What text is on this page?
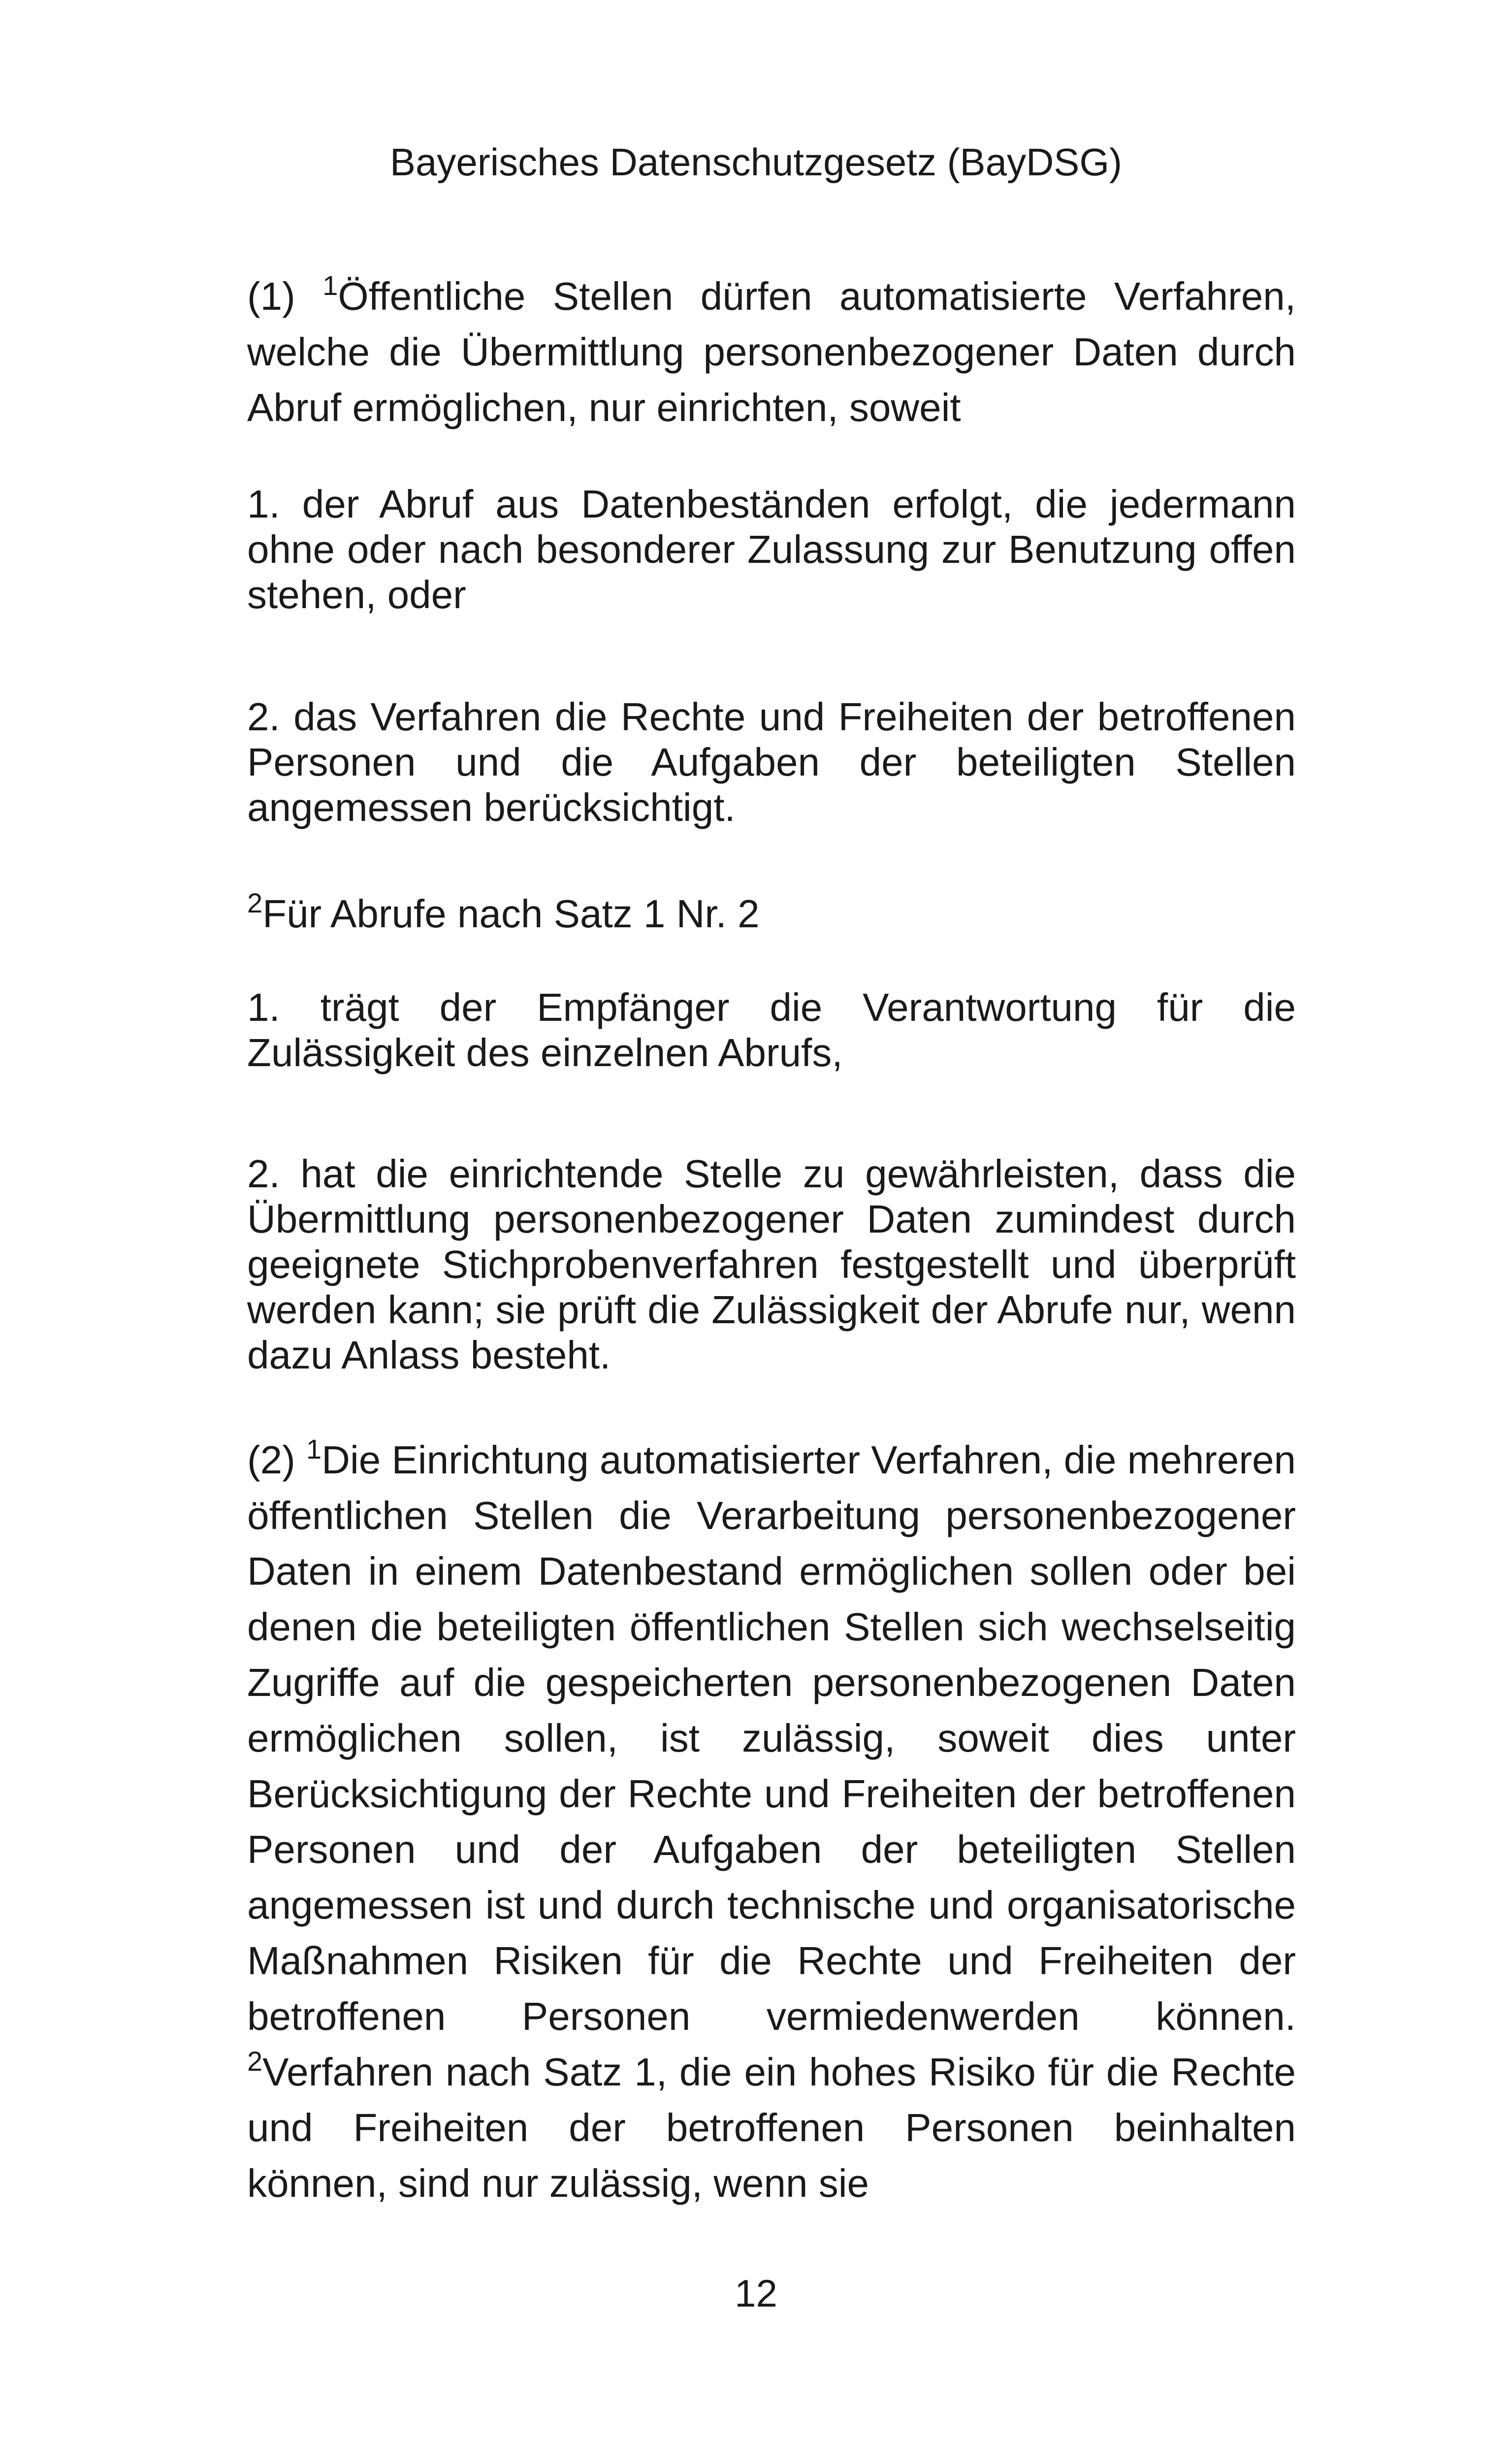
Bayerisches Datenschutzgesetz (BayDSG)
(1) $^1$Öffentliche Stellen dürfen automatisierte Verfahren, welche die Übermittlung personenbezogener Daten durch Abruf ermöglichen, nur einrichten, soweit
1. der Abruf aus Datenbeständen erfolgt, die jedermann ohne oder nach besonderer Zulassung zur Benutzung offen stehen, oder
2. das Verfahren die Rechte und Freiheiten der betroffenen Personen und die Aufgaben der beteiligten Stellen angemessen berücksichtigt.
$^2$Für Abrufe nach Satz 1 Nr. 2
1. trägt der Empfänger die Verantwortung für die Zulässigkeit des einzelnen Abrufs,
2. hat die einrichtende Stelle zu gewährleisten, dass die Übermittlung personenbezogener Daten zumindest durch geeignete Stichprobenverfahren festgestellt und überprüft werden kann; sie prüft die Zulässigkeit der Abrufe nur, wenn dazu Anlass besteht.
(2) $^1$Die Einrichtung automatisierter Verfahren, die mehreren öffentlichen Stellen die Verarbeitung personenbezogener Daten in einem Datenbestand ermöglichen sollen oder bei denen die beteiligten öffentlichen Stellen sich wechselseitig Zugriffe auf die gespeicherten personenbezogenen Daten ermöglichen sollen, ist zulässig, soweit dies unter Berücksichtigung der Rechte und Freiheiten der betroffenen Personen und der Aufgaben der beteiligten Stellen angemessen ist und durch technische und organisatorische Maßnahmen Risiken für die Rechte und Freiheiten der betroffenen Personen vermiedenwerden können. $^2$Verfahren nach Satz 1, die ein hohes Risiko für die Rechte und Freiheiten der betroffenen Personen beinhalten können, sind nur zulässig, wenn sie
12
